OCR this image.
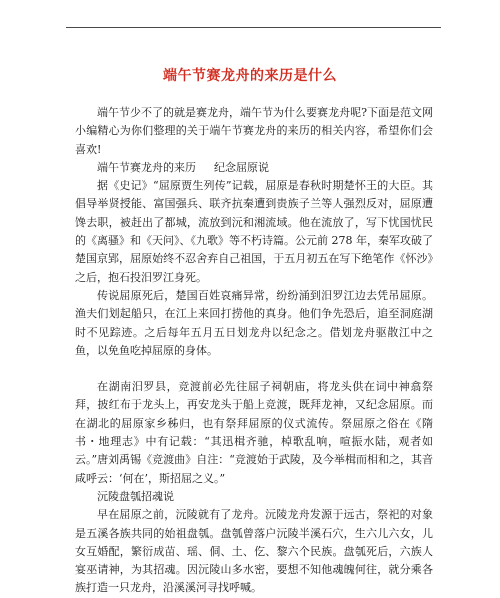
端午节赛龙舟的来历是什么

端午节少不了的就是赛龙舟，端午节为什么要赛龙舟呢?下面是范文网小编精心为你们整理的关于端午节赛龙舟的来历的相关内容，希望你们会喜欢!

端午节赛龙舟的来历 纪念屈原说

据《史记》“屈原贾生列传”记载，屈原是春秋时期楚怀王的大臣。其倡导举贤授能、富国强兵、联齐抗秦遭到贵族子兰等人强烈反对，屈原遭馋去职，被赶出了都城，流放到沅和湘流域。他在流放了，写下忧国忧民的《离骚》和《天问》、《九歌》等不朽诗篇。公元前 278 年，秦军攻破了楚国京郢，屈原始终不忍舍弃自己祖国，于五月初五在写下绝笔作《怀沙》之后，抱石投汨罗江身死。

传说屈原死后，楚国百姓哀痛异常，纷纷涌到汨罗江边去凭吊屈原。渔夫们划起船只，在江上来回打捞他的真身。他们争先恐后，追至洞庭湖时不见踪迹。之后每年五月五日划龙舟以纪念之。借划龙舟驱散江中之鱼，以免鱼吃掉屈原的身体。

在湖南汨罗县，竞渡前必先往屈子祠朝庙，将龙头供在词中神翕祭拜，披红布于龙头上，再安龙头于船上竞渡，既拜龙神，又纪念屈原。而在湖北的屈原家乡秭归，也有祭拜屈原的仪式流传。祭屈原之俗在《隋书・地理志》中有记载：“其迅楫齐驰，棹歌乱响，喧振水陆，观者如云。”唐刘禹锡《竞渡曲》自注：“竞渡始于武陵，及今举楫而相和之，其音咸呼云：‘何在’，斯招屈之义。”

沅陵盘瓠招魂说

早在屈原之前，沅陵就有了龙舟。沅陵龙舟发源于远古，祭祀的对象是五溪各族共同的始祖盘瓠。盘瓠曾落户沅陵半溪石穴，生六儿六女，儿女互婚配，繁衍成苗、瑶、侗、土、仡、黎六个民族。盘瓠死后，六族人宴巫请神，为其招魂。因沅陵山多水密，要想不知他魂魄何往，就分乘各族打造一只龙舟，沿溪溪河寻找呼喊。
